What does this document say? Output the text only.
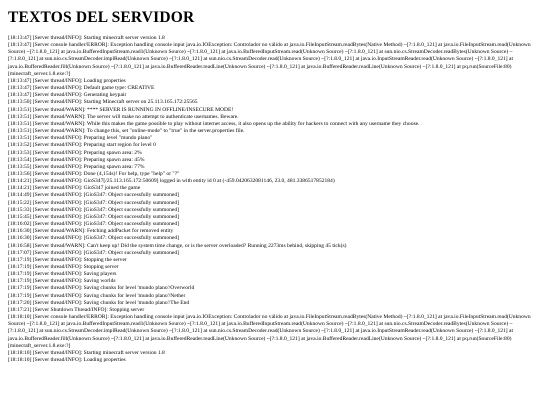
TEXTOS DEL SERVIDOR
[18:13:47] [Server thread/INFO]: Starting minecraft server version 1.8
[18:13:47] [Server console handler/ERROR]: Exception handling console input java.io.IOException: Controlador no válido at java.io.FileInputStream.readBytes(Native Method) ~[?:1.8.0_121] at java.io.FileInputStream.read(Unknown Source) ~[?:1.8.0_121] at java.io.BufferedInputStream.read1(Unknown Source) ~[?:1.8.0_121] at java.io.BufferedInputStream.read(Unknown Source) ~[?:1.8.0_121] at sun.nio.cs.StreamDecoder.readBytes(Unknown Source) ~[?:1.8.0_121] at sun.nio.cs.StreamDecoder.implRead(Unknown Source) ~[?:1.8.0_121] at sun.nio.cs.StreamDecoder.read(Unknown Source) ~[?:1.8.0_121] at java.io.InputStreamReader.read(Unknown Source) ~[?:1.8.0_121] at java.io.BufferedReader.fill(Unknown Source) ~[?:1.8.0_121] at java.io.BufferedReader.readLine(Unknown Source) ~[?:1.8.0_121] at java.io.BufferedReader.readLine(Unknown Source) ~[?:1.8.0_121] at pq.run(SourceFile:80) [minecraft_server.1.8.exe:?]
[18:13:47] [Server thread/INFO]: Loading properties
[18:13:47] [Server thread/INFO]: Default game type: CREATIVE
[18:13:47] [Server thread/INFO]: Generating keypair
[18:13:50] [Server thread/INFO]: Starting Minecraft server on 25.113.165.172:25565
[18:13:51] [Server thread/WARN]: **** SERVER IS RUNNING IN OFFLINE/INSECURE MODE!
[18:13:51] [Server thread/WARN]: The server will make no attempt to authenticate usernames. Beware.
[18:13:51] [Server thread/WARN]: While this makes the game possible to play without internet access, it also opens up the ability for hackers to connect with any username they choose.
[18:13:51] [Server thread/WARN]: To change this, set "online-mode" to "true" in the server.properties file.
[18:13:51] [Server thread/INFO]: Preparing level "mundo plano"
[18:13:52] [Server thread/INFO]: Preparing start region for level 0
[18:13:53] [Server thread/INFO]: Preparing spawn area: 2%
[18:13:54] [Server thread/INFO]: Preparing spawn area: 45%
[18:13:55] [Server thread/INFO]: Preparing spawn area: 77%
[18:13:56] [Server thread/INFO]: Done (4,154s)! For help, type "help" or "?"
[18:14:21] [Server thread/INFO]: GioS347[/25.113.165.172:50609] logged in with entity id 0 at (-459.0420632081146, 23.0, 481.3386517852184)
[18:14:21] [Server thread/INFO]: GioS347 joined the game
[18:14:49] [Server thread/INFO]: [GioS347: Object successfully summoned]
[18:15:22] [Server thread/INFO]: [GioS347: Object successfully summoned]
[18:15:33] [Server thread/INFO]: [GioS347: Object successfully summoned]
[18:15:45] [Server thread/INFO]: [GioS347: Object successfully summoned]
[18:16:02] [Server thread/INFO]: [GioS347: Object successfully summoned]
[18:16:30] [Server thread/WARN]: Fetching addPacket for removed entity
[18:16:30] [Server thread/INFO]: [GioS347: Object successfully summoned]
[18:16:58] [Server thread/WARN]: Can't keep up! Did the system time change, or is the server overloaded? Running 2273ms behind, skipping 45 tick(s)
[18:17:07] [Server thread/INFO]: [GioS347: Object successfully summoned]
[18:17:19] [Server thread/INFO]: Stopping the server
[18:17:19] [Server thread/INFO]: Stopping server
[18:17:19] [Server thread/INFO]: Saving players
[18:17:19] [Server thread/INFO]: Saving worlds
[18:17:19] [Server thread/INFO]: Saving chunks for level 'mundo plano'/Overworld
[18:17:19] [Server thread/INFO]: Saving chunks for level 'mundo plano'/Nether
[18:17:20] [Server thread/INFO]: Saving chunks for level 'mundo plano'/The End
[18:17:21] [Server Shutdown Thread/INFO]: Stopping server
[18:18:10] [Server console handler/ERROR]: Exception handling console input java.io.IOException: Controlador no válido at java.io.FileInputStream.readBytes(Native Method) ~[?:1.8.0_121] at java.io.FileInputStream.read(Unknown Source) ~[?:1.8.0_121] at java.io.BufferedInputStream.read1(Unknown Source) ~[?:1.8.0_121] at java.io.BufferedInputStream.read(Unknown Source) ~[?:1.8.0_121] at sun.nio.cs.StreamDecoder.readBytes(Unknown Source) ~[?:1.8.0_121] at sun.nio.cs.StreamDecoder.implRead(Unknown Source) ~[?:1.8.0_121] at sun.nio.cs.StreamDecoder.read(Unknown Source) ~[?:1.8.0_121] at java.io.InputStreamReader.read(Unknown Source) ~[?:1.8.0_121] at java.io.BufferedReader.fill(Unknown Source) ~[?:1.8.0_121] at java.io.BufferedReader.readLine(Unknown Source) ~[?:1.8.0_121] at java.io.BufferedReader.readLine(Unknown Source) ~[?:1.8.0_121] at pq.run(SourceFile:80) [minecraft_server.1.8.exe:?]
[18:18:10] [Server thread/INFO]: Starting minecraft server version 1.8
[18:18:10] [Server thread/INFO]: Loading properties
